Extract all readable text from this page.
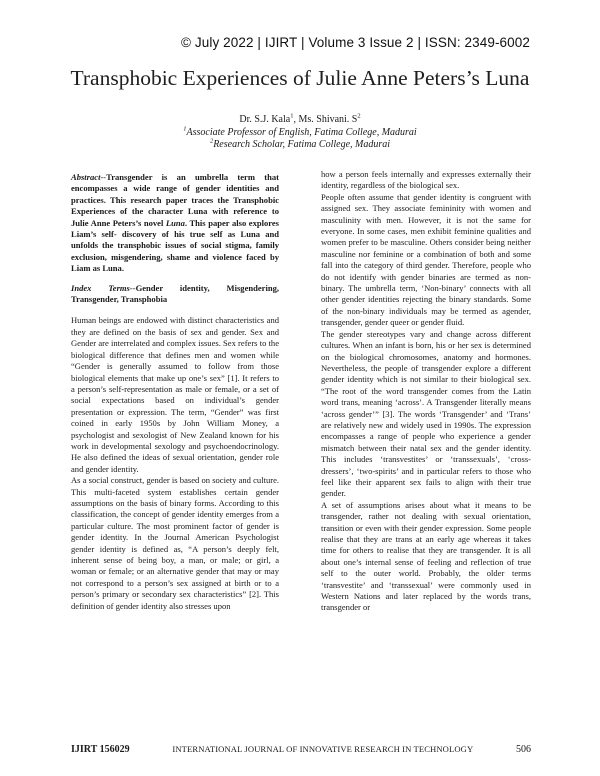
© July 2022 | IJIRT | Volume 3 Issue 2 | ISSN: 2349-6002
Transphobic Experiences of Julie Anne Peters’s Luna
Dr. S.J. Kala$^1$, Ms. Shivani. $S^2$
$^1$Associate Professor of English, Fatima College, Madurai
$^2$Research Scholar, Fatima College, Madurai

Abstract--Transgender is an umbrella term that encompasses a wide range of gender identities and practices. This research paper traces the Transphobic Experiences of the character Luna with reference to Julie Anne Peters’s novel Luna. This paper also explores Liam’s self- discovery of his true self as Luna and unfolds the transphobic issues of social stigma, family exclusion, misgendering, shame and violence faced by Liam as Luna.

Index Terms--Gender identity, Misgendering, Transgender, Transphobia

Human beings are endowed with distinct characteristics and they are defined on the basis of sex and gender. Sex and Gender are interrelated and complex issues. Sex refers to the biological difference that defines men and women while “Gender is generally assumed to follow from those biological elements that make up one’s sex” [1]. It refers to a person’s self-representation as male or female, or a set of social expectations based on individual’s gender presentation or expression. The term, “Gender” was first coined in early 1950s by John William Money, a psychologist and sexologist of New Zealand known for his work in developmental sexology and psychoendocrinology. He also defined the ideas of sexual orientation, gender role and gender identity.

As a social construct, gender is based on society and culture. This multi-faceted system establishes certain gender assumptions on the basis of binary forms. According to this classification, the concept of gender identity emerges from a particular culture. The most prominent factor of gender is gender identity. In the Journal American Psychologist gender identity is defined as, “A person’s deeply felt, inherent sense of being boy, a man, or male; or girl, a woman or female; or an alternative gender that may or may not correspond to a person’s sex assigned at birth or to a person’s primary or secondary sex characteristics” [2]. This definition of gender identity also stresses upon

how a person feels internally and expresses externally their identity, regardless of the biological sex.

People often assume that gender identity is congruent with assigned sex. They associate femininity with women and masculinity with men. However, it is not the same for everyone. In some cases, men exhibit feminine qualities and women prefer to be masculine. Others consider being neither masculine nor feminine or a combination of both and some fall into the category of third gender. Therefore, people who do not identify with gender binaries are termed as non-binary. The umbrella term, ‘Non-binary’ connects with all other gender identities rejecting the binary standards. Some of the non-binary individuals may be termed as agender, transgender, gender queer or gender fluid.

The gender stereotypes vary and change across different cultures. When an infant is born, his or her sex is determined on the biological chromosomes, anatomy and hormones. Nevertheless, the people of transgender explore a different gender identity which is not similar to their biological sex. “The root of the word transgender comes from the Latin word trans, meaning ‘across’. A Transgender literally means ‘across gender’” [3]. The words ‘Transgender’ and ‘Trans’ are relatively new and widely used in 1990s. The expression encompasses a range of people who experience a gender mismatch between their natal sex and the gender identity. This includes ‘transvestites’ or ‘transsexuals’, ‘cross-dressers’, ‘two-spirits’ and in particular refers to those who feel like their apparent sex fails to align with their true gender.

A set of assumptions arises about what it means to be transgender, rather not dealing with sexual orientation, transition or even with their gender expression. Some people realise that they are trans at an early age whereas it takes time for others to realise that they are transgender. It is all about one’s internal sense of feeling and reflection of true self to the outer world. Probably, the older terms ‘transvestite’ and ‘transsexual’ were commonly used in Western Nations and later replaced by the words trans, transgender or

IJIRT 156029	INTERNATIONAL JOURNAL OF INNOVATIVE RESEARCH IN TECHNOLOGY	506
